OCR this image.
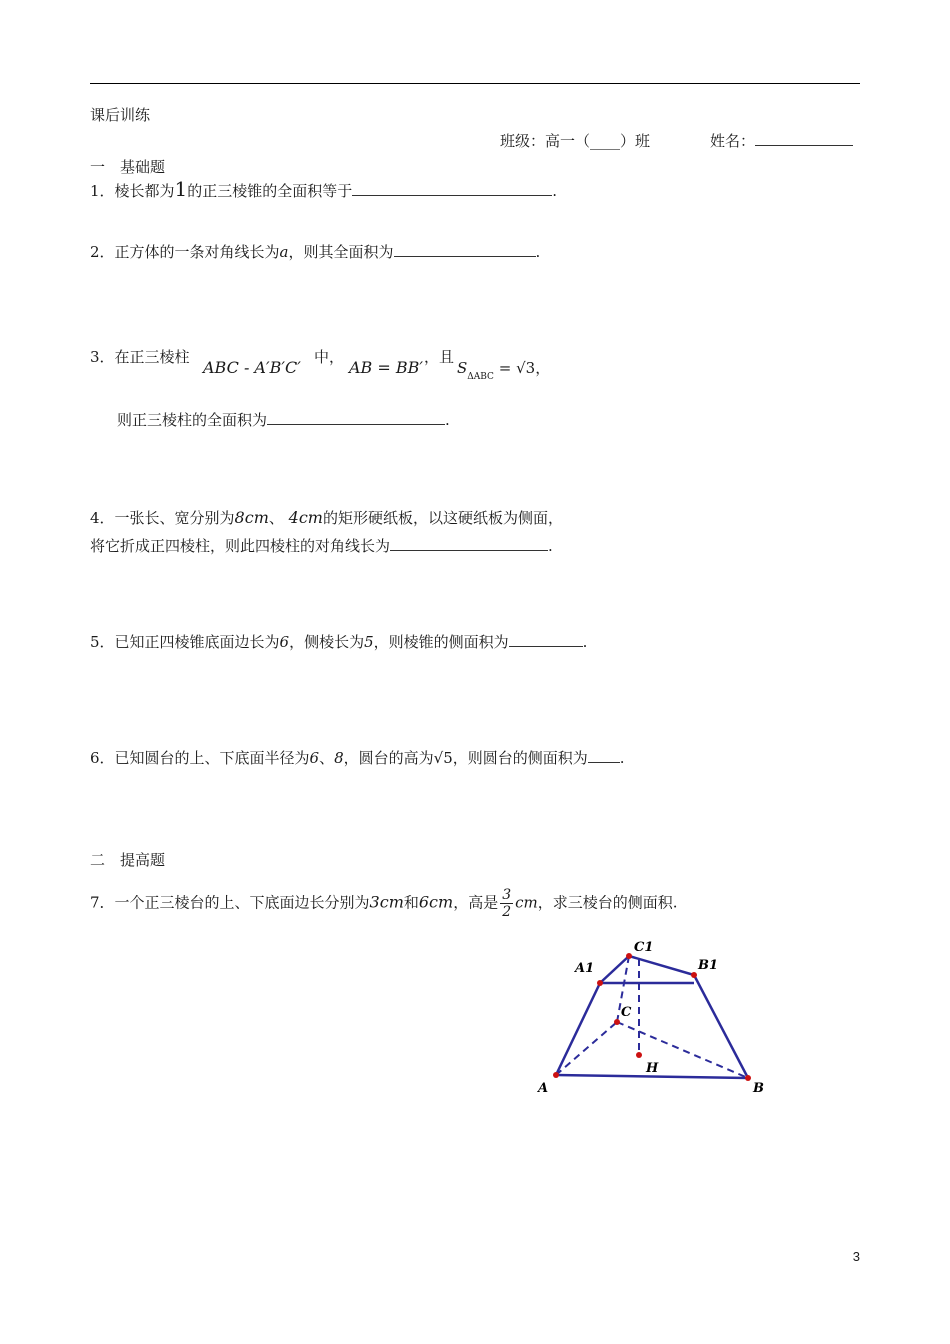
课后训练
班级：高一（____）班	姓名：
一　基础题
1．棱长都为1的正三棱锥的全面积等于	.
2．正方体的一条对角线长为a，则其全面积为	.
3．在正三棱柱
ABC - A′B′C′
中，
AB = BB′
，且
$S_{\Delta ABC} = √3$，
则正三棱柱的全面积为	.
4．一张长、宽分别为8cm、 4cm的矩形硬纸板，以这硬纸板为侧面，
将它折成正四棱柱，则此四棱柱的对角线长为	.
5．已知正四棱锥底面边长为6，侧棱长为5，则棱锥的侧面积为	.
6．已知圆台的上、下底面半径为6、8，圆台的高为√5，则圆台的侧面积为 .
二　提高题
7．一个正三棱台的上、下底面边长分别为3cm和6cm，高是 $\frac{3}{2}$ cm，求三棱台的侧面积.
A1
C1
B1
C
H
A	B
3
